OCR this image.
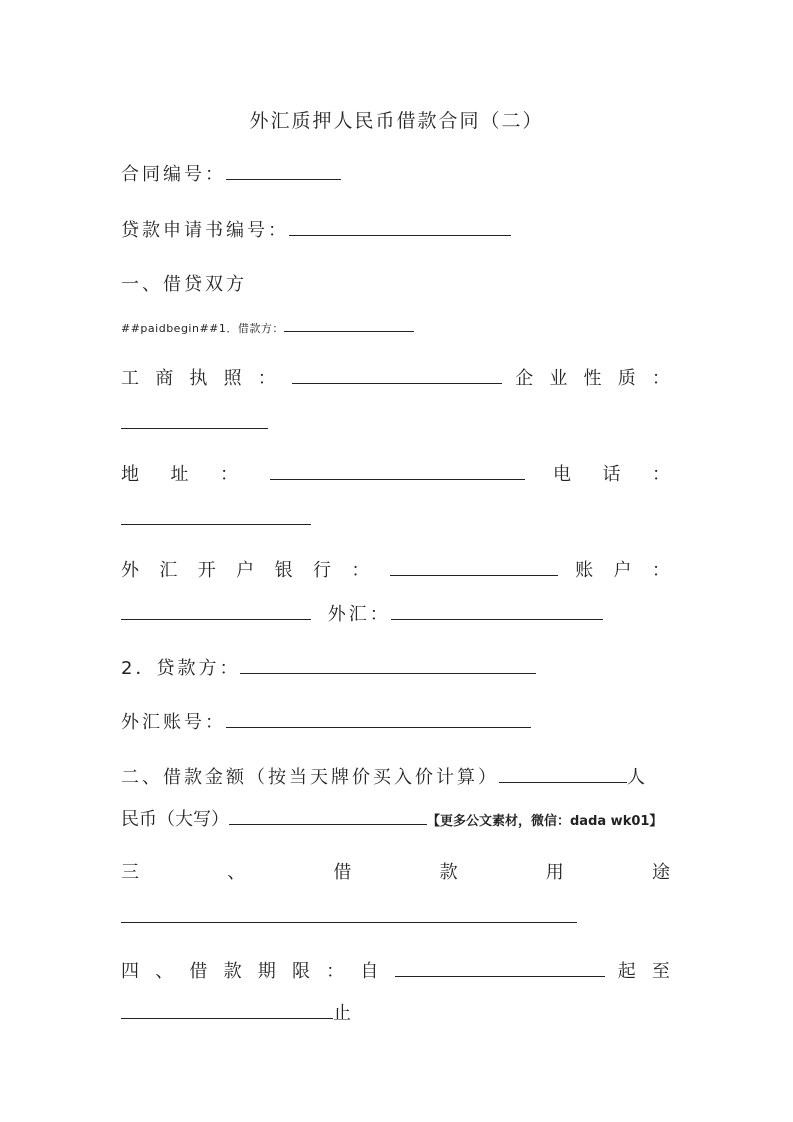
外汇质押人民币借款合同（二）
合同编号：
贷款申请书编号：
一、借贷双方
##paidbegin##1．借款方：
工 商 执 照 ：	企 业 性 质 ：
地 址 ：	电 话 ：
外 汇 开 户 银 行 ：	账 户 ：
外汇：
2．贷款方：
外汇账号：
二、借款金额（按当天牌价买入价计算）	人
民币（大写）	【更多公文素材，微信：dada wk01】
三	、	借	款	用	途
四 、 借 款 期 限 ： 自	起 至
止
